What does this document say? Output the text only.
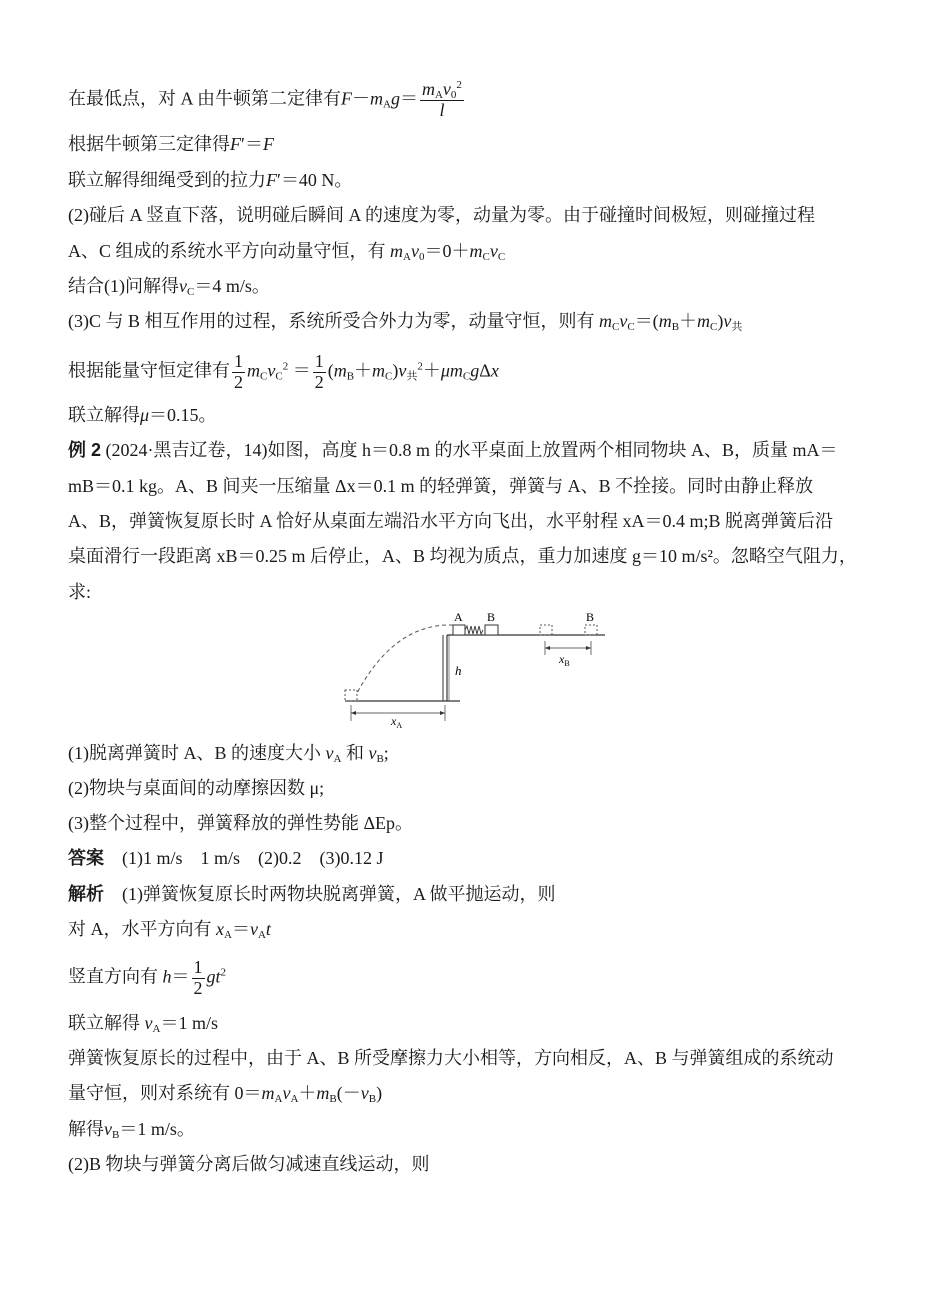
在最低点，对 A 由牛顿第二定律有$F-m_Ag= \frac{m_Av_0^2}{l}$
根据牛顿第三定律得F′＝F
联立解得细绳受到的拉力F′＝40 N。
(2)碰后 A 竖直下落，说明碰后瞬间 A 的速度为零，动量为零。由于碰撞时间极短，则碰撞过程
A、C 组成的系统水平方向动量守恒，有 $m_Av_0=0+m_Cv_C$
结合(1)问解得$v_C=4$ m/s。
(3)C 与 B 相互作用的过程，系统所受合外力为零，动量守恒，则有 $m_Cv_C=(m_B+m_C)v_共$
根据能量守恒定律有 $\frac{1}{2} m_Cv_C^2 = \frac{1}{2} (m_B+m_C)v_共^2+\mu m_Cg\Delta x$
联立解得μ＝0.15。
例 2 (2024·黑吉辽卷，14)如图，高度 h＝0.8 m 的水平桌面上放置两个相同物块 A、B，质量 mA＝
mB＝0.1 kg。A、B 间夹一压缩量 Δx＝0.1 m 的轻弹簧，弹簧与 A、B 不拴接。同时由静止释放
A、B，弹簧恢复原长时 A 恰好从桌面左端沿水平方向飞出，水平射程 xA＝0.4 m;B 脱离弹簧后沿
桌面滑行一段距离 xB＝0.25 m 后停止，A、B 均视为质点，重力加速度 g＝10 m/s²。忽略空气阻力，
求:
A B	B
h
$x_B$
$x_A$
(1)脱离弹簧时 A、B 的速度大小 $v_A$ 和 $v_B$;
(2)物块与桌面间的动摩擦因数 μ;
(3)整个过程中，弹簧释放的弹性势能 ΔEp。
答案　 (1)1 m/s　1 m/s　(2)0.2　(3)0.12 J
解析　 (1)弹簧恢复原长时两物块脱离弹簧，A 做平抛运动，则
对 A，水平方向有 $x_A=v_At$
竖直方向有 $h= \frac{1}{2} gt^2$
联立解得 $v_A=1$ m/s
弹簧恢复原长的过程中，由于 A、B 所受摩擦力大小相等，方向相反，A、B 与弹簧组成的系统动
量守恒，则对系统有 $0=m_Av_A+m_B(-v_B)$
解得$v_B=1$ m/s。
(2)B 物块与弹簧分离后做匀减速直线运动，则
